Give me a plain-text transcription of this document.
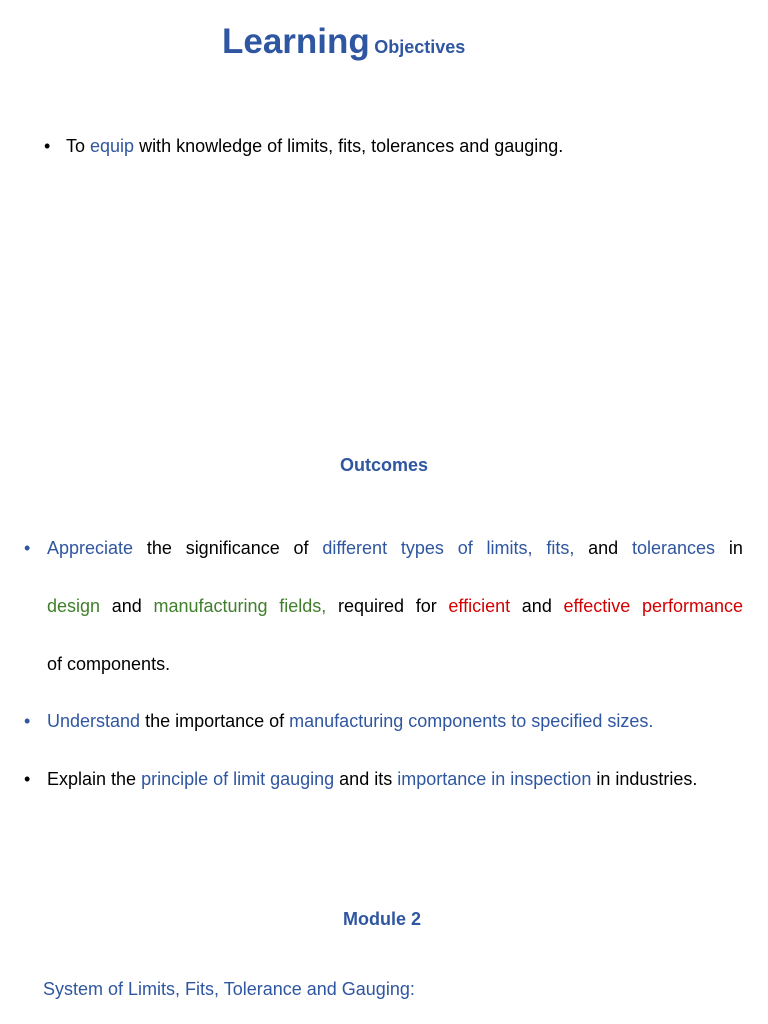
Learning Objectives
• To equip with knowledge of limits, fits, tolerances and gauging.
Outcomes
• Appreciate the significance of different types of limits, fits, and tolerances in
design and manufacturing fields, required for efficient and effective performance
of components.
• Understand the importance of manufacturing components to specified sizes.
• Explain the principle of limit gauging and its importance in inspection in industries.
Module 2
System of Limits, Fits, Tolerance and Gauging:
